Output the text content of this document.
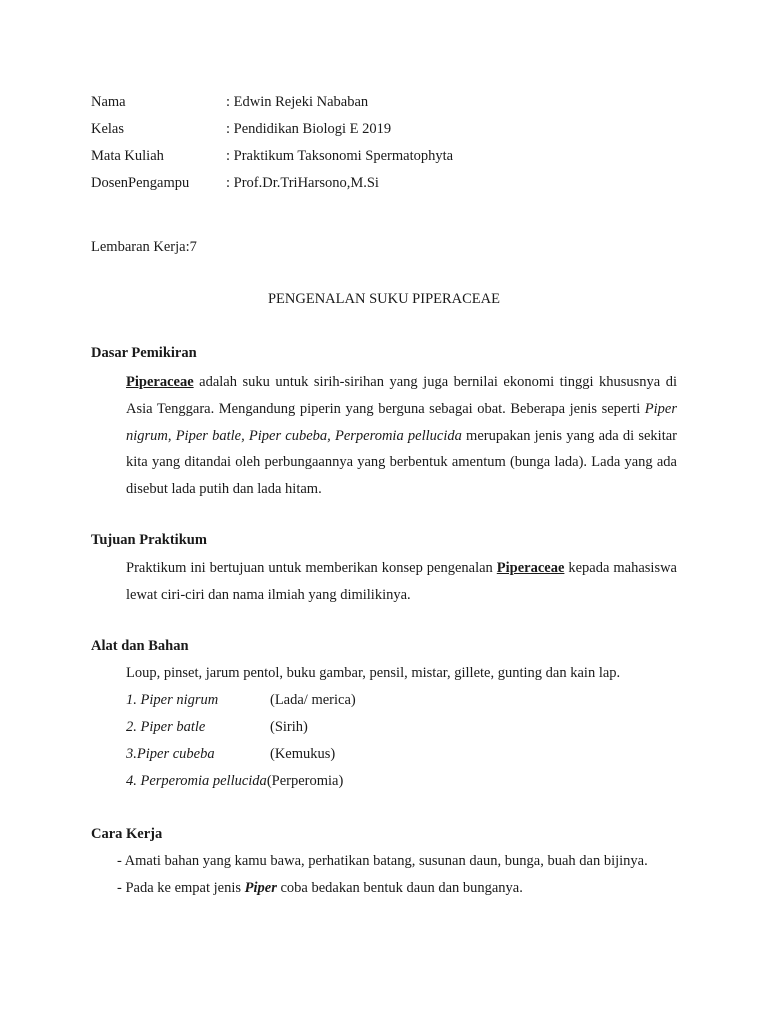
Nama	: Edwin Rejeki Nababan
Kelas	: Pendidikan Biologi E 2019
Mata Kuliah	: Praktikum Taksonomi Spermatophyta
DosenPengampu	: Prof.Dr.TriHarsono,M.Si
Lembaran Kerja:7
PENGENALAN SUKU PIPERACEAE
Dasar Pemikiran
Piperaceae adalah suku untuk sirih-sirihan yang juga bernilai ekonomi tinggi khususnya di Asia Tenggara. Mengandung piperin yang berguna sebagai obat. Beberapa jenis seperti Piper nigrum, Piper batle, Piper cubeba, Perperomia pellucida merupakan jenis yang ada di sekitar kita yang ditandai oleh perbungaannya yang berbentuk amentum (bunga lada). Lada yang ada disebut lada putih dan lada hitam.
Tujuan Praktikum
Praktikum ini bertujuan untuk memberikan konsep pengenalan Piperaceae kepada mahasiswa lewat ciri-ciri dan nama ilmiah yang dimilikinya.
Alat dan Bahan
Loup, pinset, jarum pentol, buku gambar, pensil, mistar, gillete, gunting dan kain lap.
1. Piper nigrum	(Lada/ merica)
2. Piper batle	(Sirih)
3.Piper cubeba	(Kemukus)
4. Perperomia pellucida(Perperomia)
Cara Kerja
- Amati bahan yang kamu bawa, perhatikan batang, susunan daun, bunga, buah dan bijinya.
- Pada ke empat jenis Piper coba bedakan bentuk daun dan bunganya.
